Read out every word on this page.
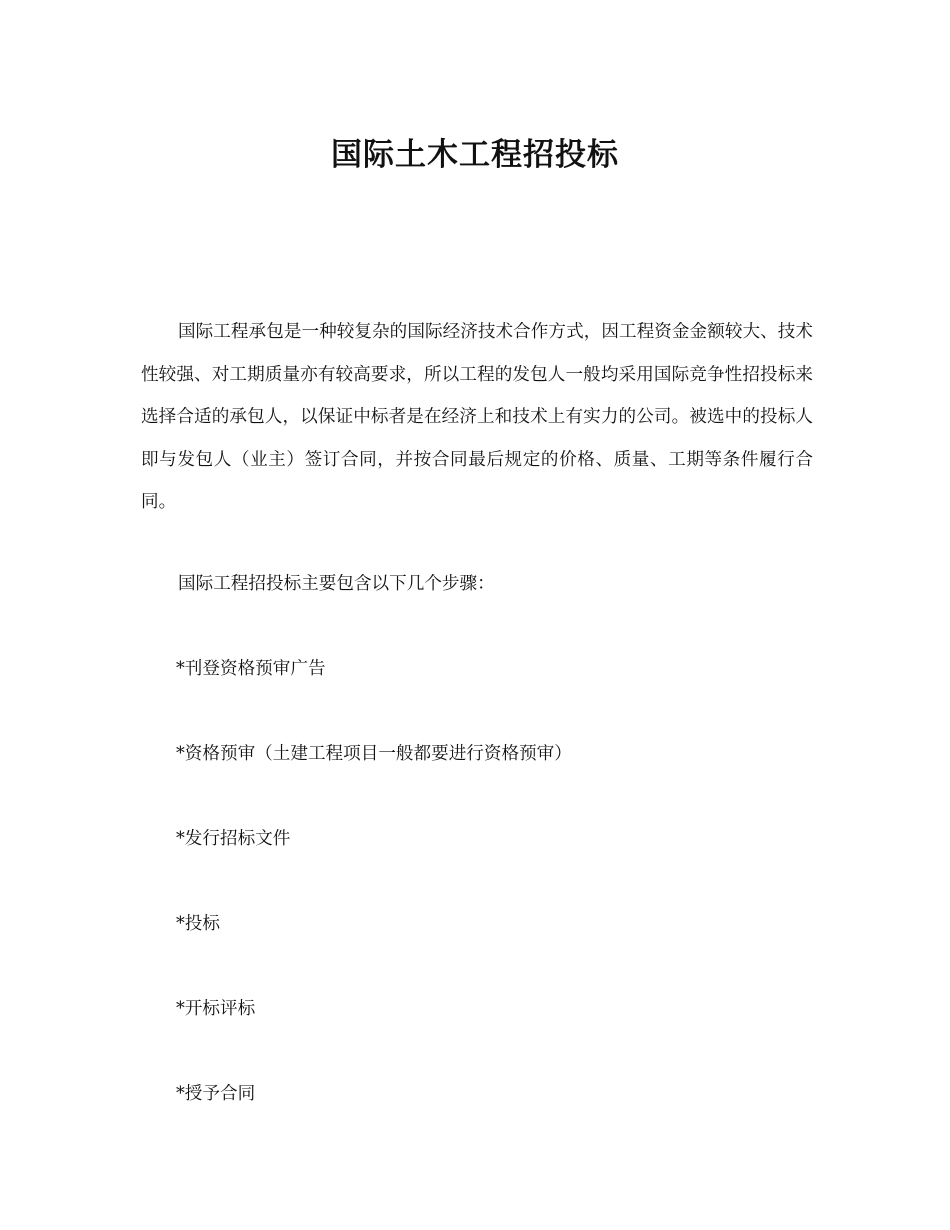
国际土木工程招投标

国际工程承包是一种较复杂的国际经济技术合作方式，因工程资金金额较大、技术性较强、对工期质量亦有较高要求，所以工程的发包人一般均采用国际竞争性招投标来选择合适的承包人，以保证中标者是在经济上和技术上有实力的公司。被选中的投标人即与发包人（业主）签订合同，并按合同最后规定的价格、质量、工期等条件履行合同。

国际工程招投标主要包含以下几个步骤：

*刊登资格预审广告

*资格预审（土建工程项目一般都要进行资格预审）

*发行招标文件

*投标

*开标评标

*授予合同
